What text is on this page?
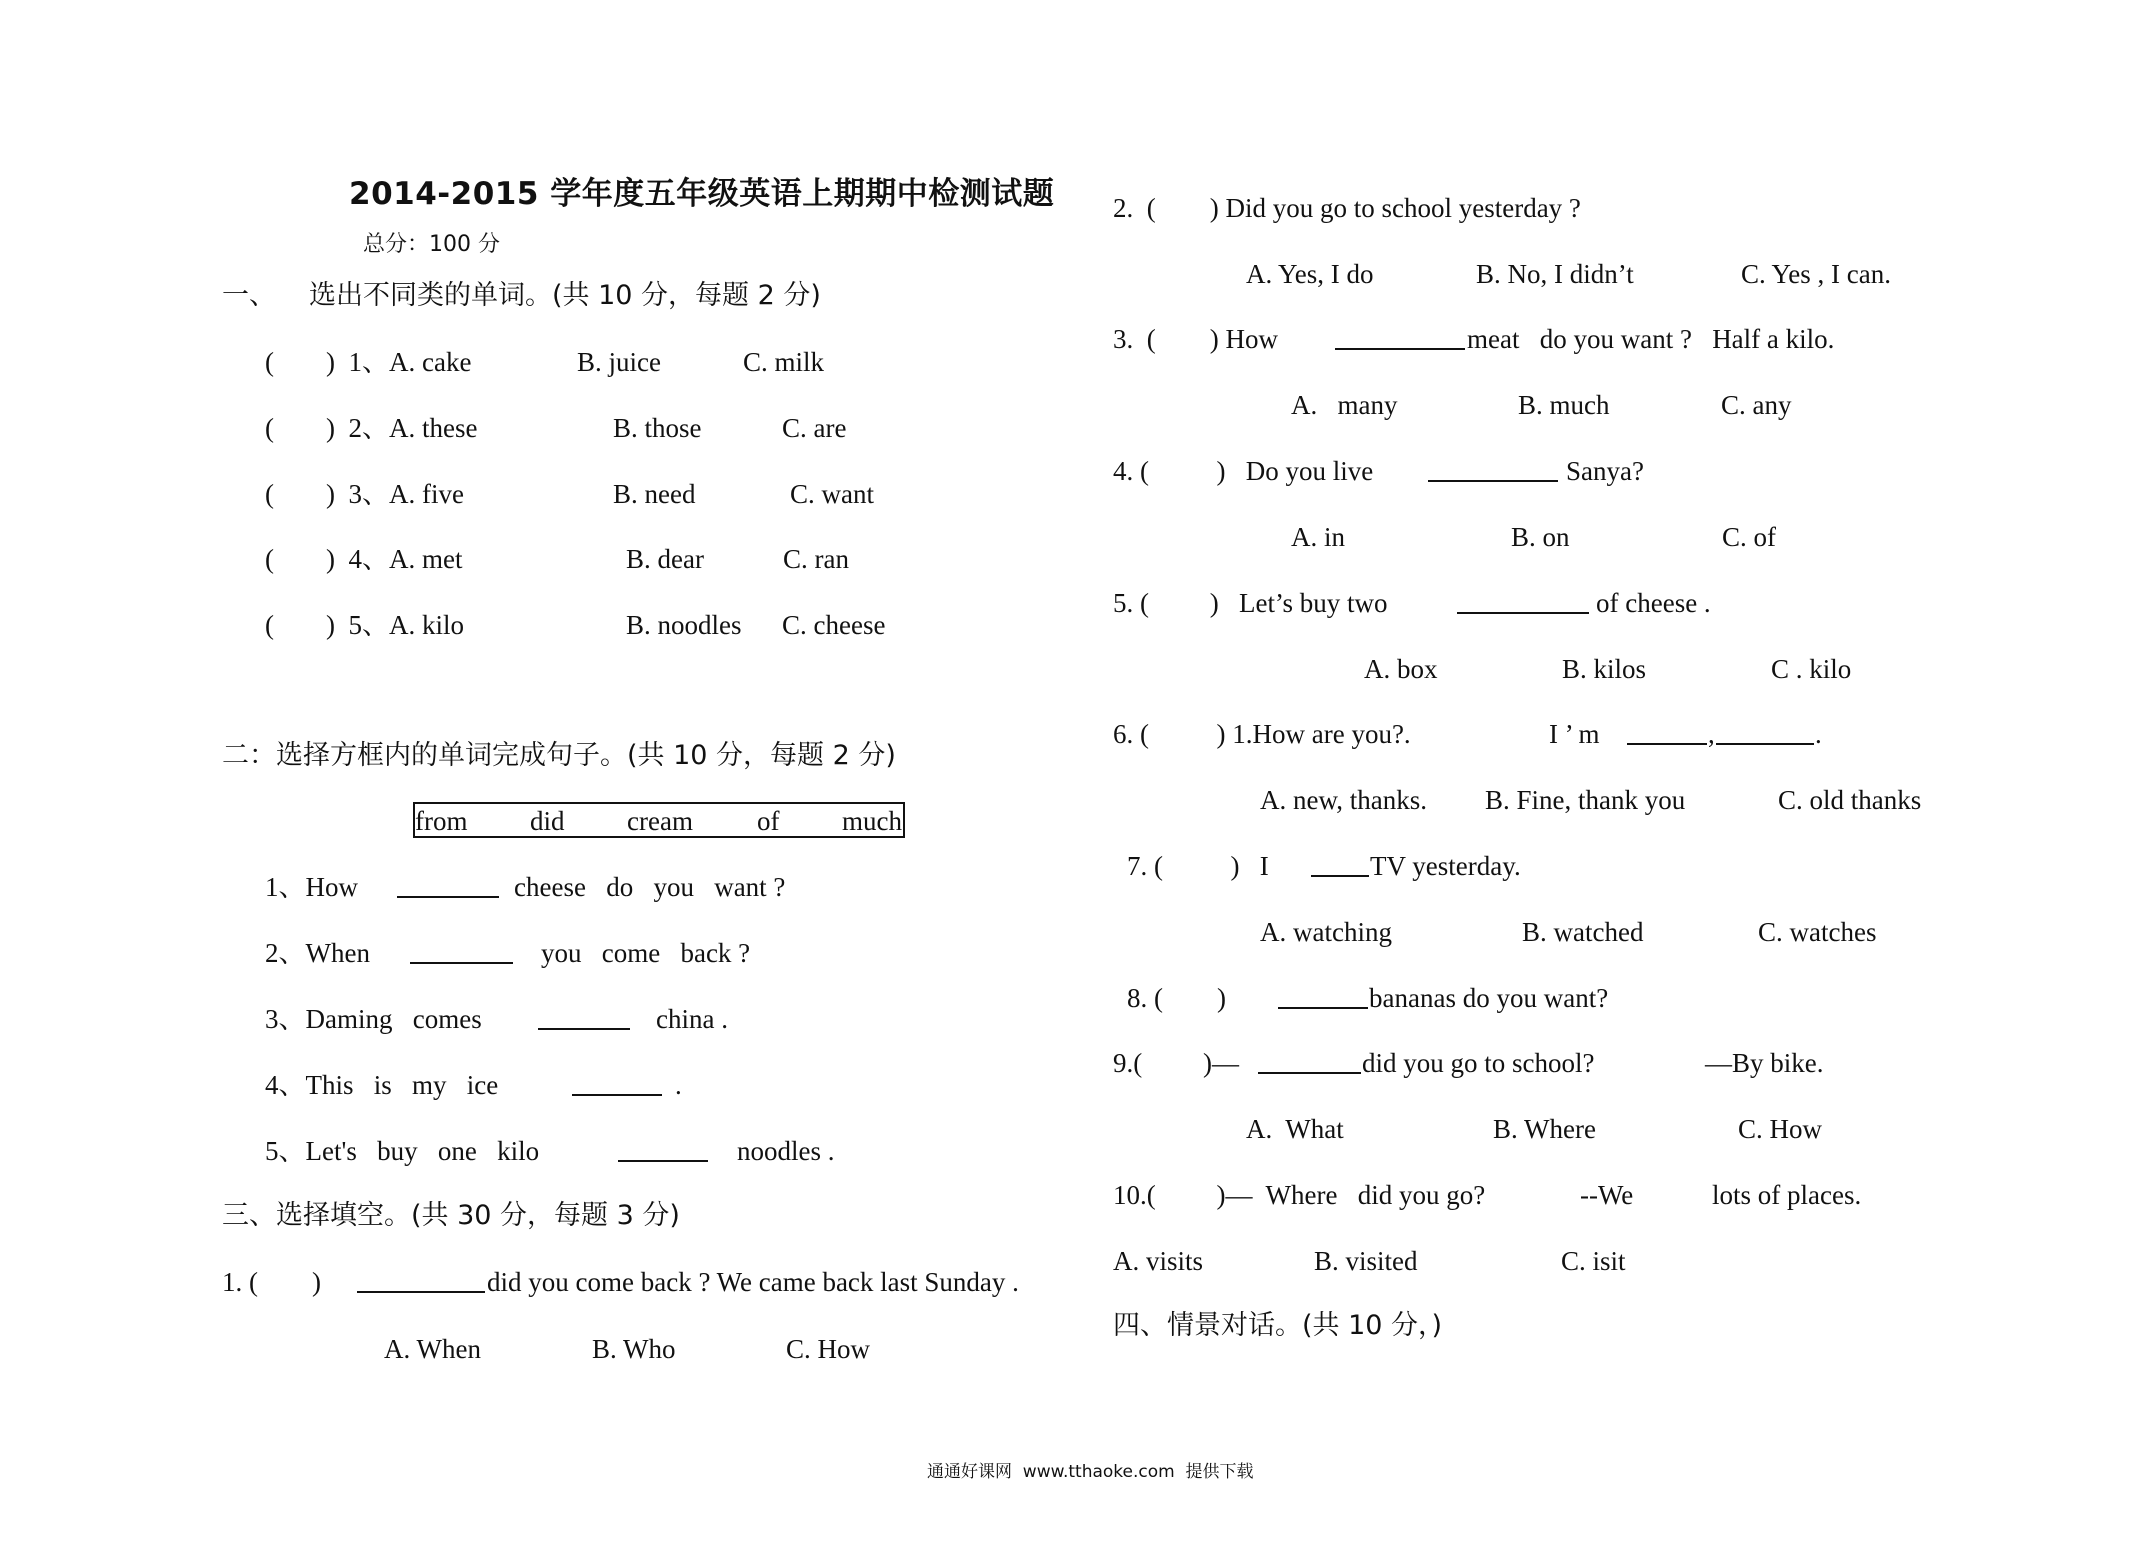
2014-2015 学年度五年级英语上期期中检测试题
总分：100 分
一、 选出不同类的单词。(共 10 分，每题 2 分)
( )  1、A. cake	B. juice	C. milk
( )  2、A. these	B. those	C. are
( )  3、A. five	B. need	C. want
( )  4、A. met	B. dear	C. ran
( )  5、A. kilo	B. noodles C. cheese
二：选择方框内的单词完成句子。(共 10 分，每题 2 分)
from did cream of much
1、How	cheese   do   you   want ?
2、When	you   come   back ?
3、Daming   comes	china .
4、This   is   my   ice	.
5、Let's   buy   one   kilo	noodles .
三、选择填空。(共 30 分，每题 3 分)
1. (        )	did you come back ? We came back last Sunday .
A. When	B. Who	C. How
2.  (        ) Did you go to school yesterday ?
A. Yes, I do	B. No, I didn’t	C. Yes , I can.
3.  (        ) How	meat   do you want ?   Half a kilo.
A.   many	B. much	C. any
4. (          )   Do you live	Sanya?
A. in	B. on	C. of
5. (         )   Let’s buy two	of cheese .
A. box	B. kilos	C . kilo
6. (          ) 1.How are you?.	I ’ m	,	.
A. new, thanks. B. Fine, thank you	C. old thanks
7. (          )   I	TV yesterday.
A. watching	B. watched	C. watches
8. (        )	bananas do you want?
9.(         )—	did you go to school?	—By bike.
A.  What	B. Where	C. How
10.(         )—  Where   did you go?	--We	lots of places.
A. visits	B. visited	C. isit
四、情景对话。(共 10 分，)
通通好课网  www.tthaoke.com  提供下载
